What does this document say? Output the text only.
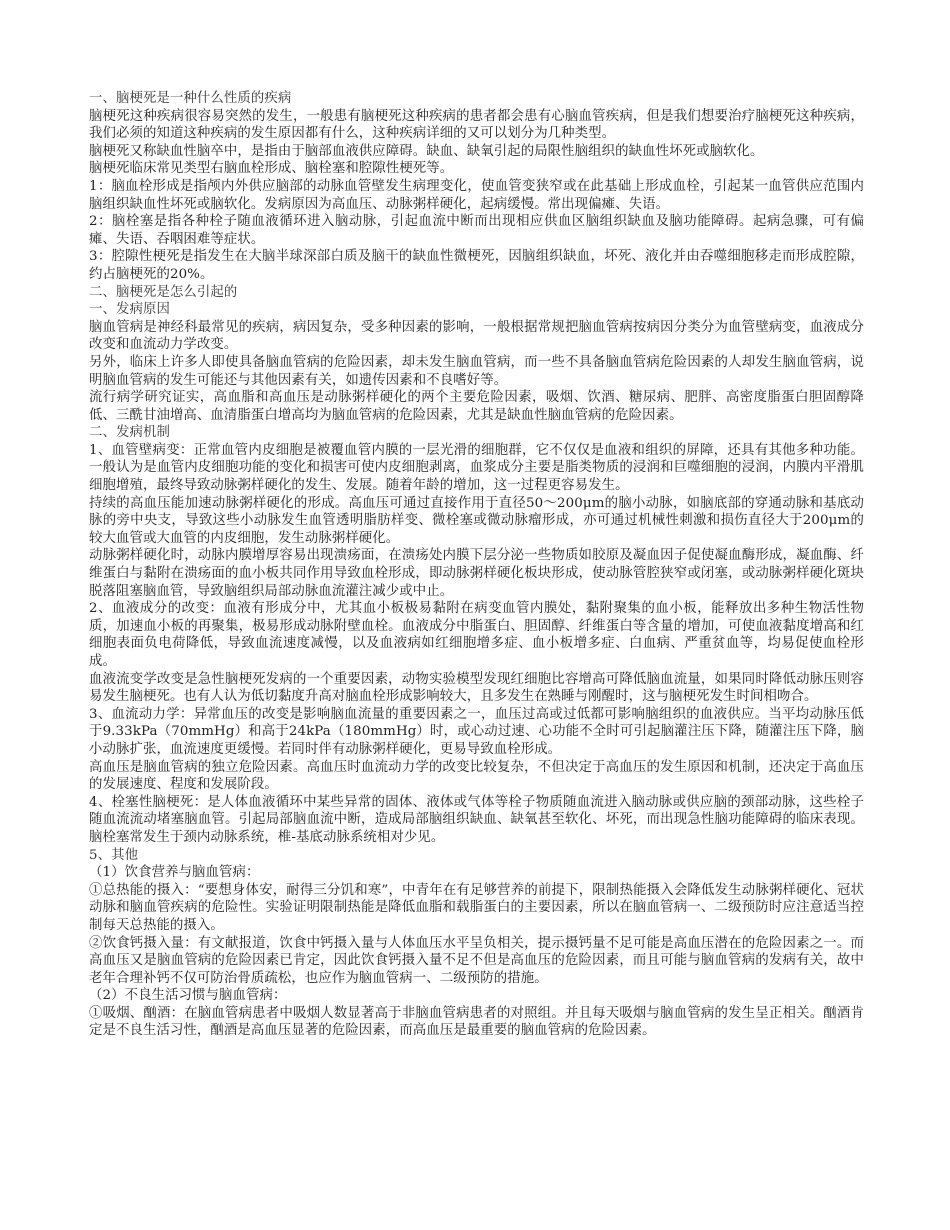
一、脑梗死是一种什么性质的疾病

脑梗死这种疾病很容易突然的发生，一般患有脑梗死这种疾病的患者都会患有心脑血管疾病，但是我们想要治疗脑梗死这种疾病，我们必须的知道这种疾病的发生原因都有什么，这种疾病详细的又可以划分为几种类型。

脑梗死又称缺血性脑卒中，是指由于脑部血液供应障碍。缺血、缺氧引起的局限性脑组织的缺血性坏死或脑软化。

脑梗死临床常见类型右脑血栓形成、脑栓塞和腔隙性梗死等。

1：脑血栓形成是指颅内外供应脑部的动脉血管壁发生病理变化，使血管变狭窄或在此基础上形成血栓，引起某一血管供应范围内脑组织缺血性坏死或脑软化。发病原因为高血压、动脉粥样硬化，起病缓慢。常出现偏瘫、失语。

2：脑栓塞是指各种栓子随血液循环进入脑动脉，引起血流中断而出现相应供血区脑组织缺血及脑功能障碍。起病急骤，可有偏瘫、失语、吞咽困难等症状。

3：腔隙性梗死是指发生在大脑半球深部白质及脑干的缺血性微梗死，因脑组织缺血，坏死、液化并由吞噬细胞移走而形成腔隙，约占脑梗死的20%。

二、脑梗死是怎么引起的

一、发病原因

脑血管病是神经科最常见的疾病，病因复杂，受多种因素的影响，一般根据常规把脑血管病按病因分类分为血管壁病变，血液成分改变和血流动力学改变。

另外，临床上许多人即使具备脑血管病的危险因素，却未发生脑血管病，而一些不具备脑血管病危险因素的人却发生脑血管病，说明脑血管病的发生可能还与其他因素有关，如遗传因素和不良嗜好等。

流行病学研究证实，高血脂和高血压是动脉粥样硬化的两个主要危险因素，吸烟、饮酒、糖尿病、肥胖、高密度脂蛋白胆固醇降低、三酰甘油增高、血清脂蛋白增高均为脑血管病的危险因素，尤其是缺血性脑血管病的危险因素。

二、发病机制

1、血管壁病变：正常血管内皮细胞是被覆血管内膜的一层光滑的细胞群，它不仅仅是血液和组织的屏障，还具有其他多种功能。一般认为是血管内皮细胞功能的变化和损害可使内皮细胞剥离，血浆成分主要是脂类物质的浸润和巨噬细胞的浸润，内膜内平滑肌细胞增殖，最终导致动脉粥样硬化的发生、发展。随着年龄的增加，这一过程更容易发生。

持续的高血压能加速动脉粥样硬化的形成。高血压可通过直接作用于直径50～200μm的脑小动脉，如脑底部的穿通动脉和基底动脉的旁中央支，导致这些小动脉发生血管透明脂肪样变、微栓塞或微动脉瘤形成，亦可通过机械性刺激和损伤直径大于200μm的较大血管或大血管的内皮细胞，发生动脉粥样硬化。

动脉粥样硬化时，动脉内膜增厚容易出现溃疡面，在溃疡处内膜下层分泌一些物质如胶原及凝血因子促使凝血酶形成，凝血酶、纤维蛋白与黏附在溃疡面的血小板共同作用导致血栓形成，即动脉粥样硬化板块形成，使动脉管腔狭窄或闭塞，或动脉粥样硬化斑块脱落阻塞脑血管，导致脑组织局部动脉血流灌注减少或中止。

2、血液成分的改变：血液有形成分中，尤其血小板极易黏附在病变血管内膜处，黏附聚集的血小板，能释放出多种生物活性物质，加速血小板的再聚集，极易形成动脉附壁血栓。血液成分中脂蛋白、胆固醇、纤维蛋白等含量的增加，可使血液黏度增高和红细胞表面负电荷降低，导致血流速度减慢，以及血液病如红细胞增多症、血小板增多症、白血病、严重贫血等，均易促使血栓形成。

血液流变学改变是急性脑梗死发病的一个重要因素，动物实验模型发现红细胞比容增高可降低脑血流量，如果同时降低动脉压则容易发生脑梗死。也有人认为低切黏度升高对脑血栓形成影响较大，且多发生在熟睡与刚醒时，这与脑梗死发生时间相吻合。

3、血流动力学：异常血压的改变是影响脑血流量的重要因素之一，血压过高或过低都可影响脑组织的血液供应。当平均动脉压低于9.33kPa（70mmHg）和高于24kPa（180mmHg）时，或心动过速、心功能不全时可引起脑灌注压下降，随灌注压下降，脑小动脉扩张，血流速度更缓慢。若同时伴有动脉粥样硬化，更易导致血栓形成。

高血压是脑血管病的独立危险因素。高血压时血流动力学的改变比较复杂，不但决定于高血压的发生原因和机制，还决定于高血压的发展速度、程度和发展阶段。

4、栓塞性脑梗死：是人体血液循环中某些异常的固体、液体或气体等栓子物质随血流进入脑动脉或供应脑的颈部动脉，这些栓子随血流流动堵塞脑血管。引起局部脑血流中断，造成局部脑组织缺血、缺氧甚至软化、坏死，而出现急性脑功能障碍的临床表现。脑栓塞常发生于颈内动脉系统，椎-基底动脉系统相对少见。

5、其他

（1）饮食营养与脑血管病：

①总热能的摄入：“要想身体安，耐得三分饥和寒”，中青年在有足够营养的前提下，限制热能摄入会降低发生动脉粥样硬化、冠状动脉和脑血管疾病的危险性。实验证明限制热能是降低血脂和载脂蛋白的主要因素，所以在脑血管病一、二级预防时应注意适当控制每天总热能的摄入。

②饮食钙摄入量：有文献报道，饮食中钙摄入量与人体血压水平呈负相关，提示摄钙量不足可能是高血压潜在的危险因素之一。而高血压又是脑血管病的危险因素已肯定，因此饮食钙摄入量不足不但是高血压的危险因素，而且可能与脑血管病的发病有关，故中老年合理补钙不仅可防治骨质疏松，也应作为脑血管病一、二级预防的措施。

（2）不良生活习惯与脑血管病：

①吸烟、酗酒：在脑血管病患者中吸烟人数显著高于非脑血管病患者的对照组。并且每天吸烟与脑血管病的发生呈正相关。酗酒肯定是不良生活习性，酗酒是高血压显著的危险因素，而高血压是最重要的脑血管病的危险因素。
